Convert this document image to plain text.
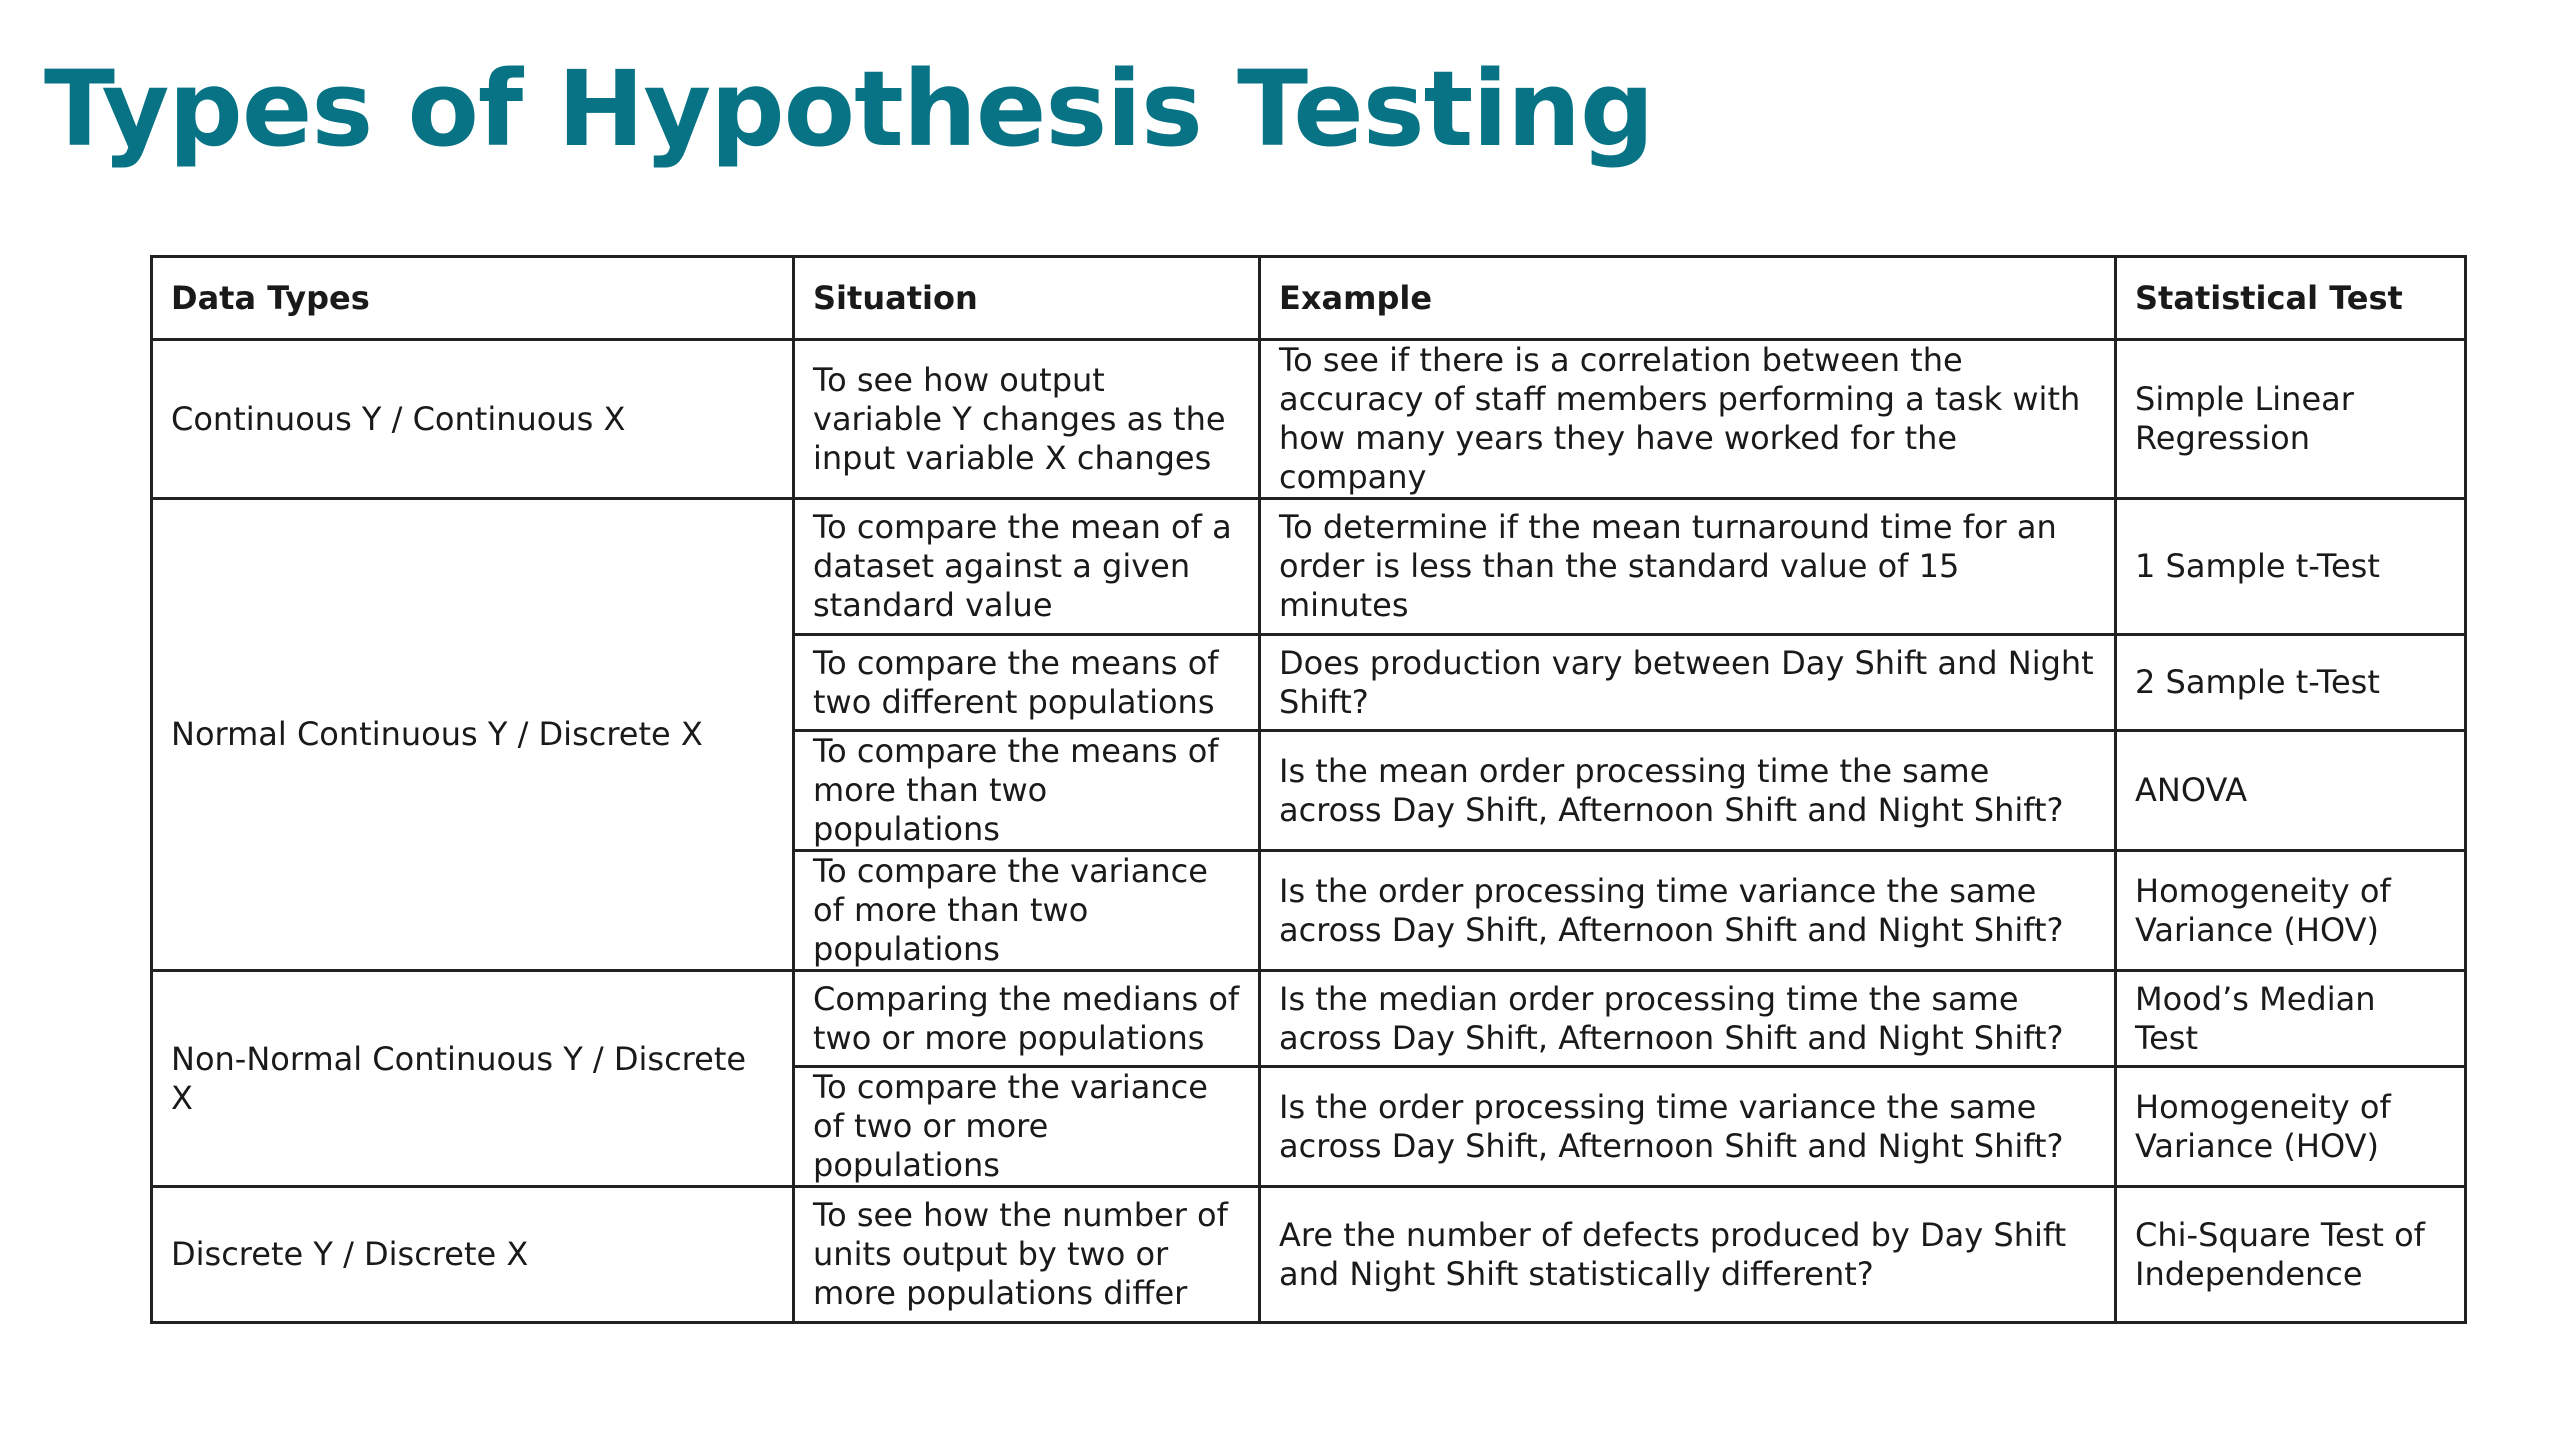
Types of Hypothesis Testing
Data Types	Situation	Example	Statistical Test
Continuous Y / Continuous X	To see how output variable Y changes as the input variable X changes	To see if there is a correlation between the accuracy of staff members performing a task with how many years they have worked for the company	Simple Linear Regression
Normal Continuous Y / Discrete X	To compare the mean of a dataset against a given standard value	To determine if the mean turnaround time for an order is less than the standard value of 15 minutes	1 Sample t-Test
	To compare the means of two different populations	Does production vary between Day Shift and Night Shift?	2 Sample t-Test
	To compare the means of more than two populations	Is the mean order processing time the same across Day Shift, Afternoon Shift and Night Shift?	ANOVA
	To compare the variance of more than two populations	Is the order processing time variance the same across Day Shift, Afternoon Shift and Night Shift?	Homogeneity of Variance (HOV)
Non-Normal Continuous Y / Discrete X	Comparing the medians of two or more populations	Is the median order processing time the same across Day Shift, Afternoon Shift and Night Shift?	Mood’s Median Test
	To compare the variance of two or more populations	Is the order processing time variance the same across Day Shift, Afternoon Shift and Night Shift?	Homogeneity of Variance (HOV)
Discrete Y / Discrete X	To see how the number of units output by two or more populations differ	Are the number of defects produced by Day Shift and Night Shift statistically different?	Chi-Square Test of Independence
